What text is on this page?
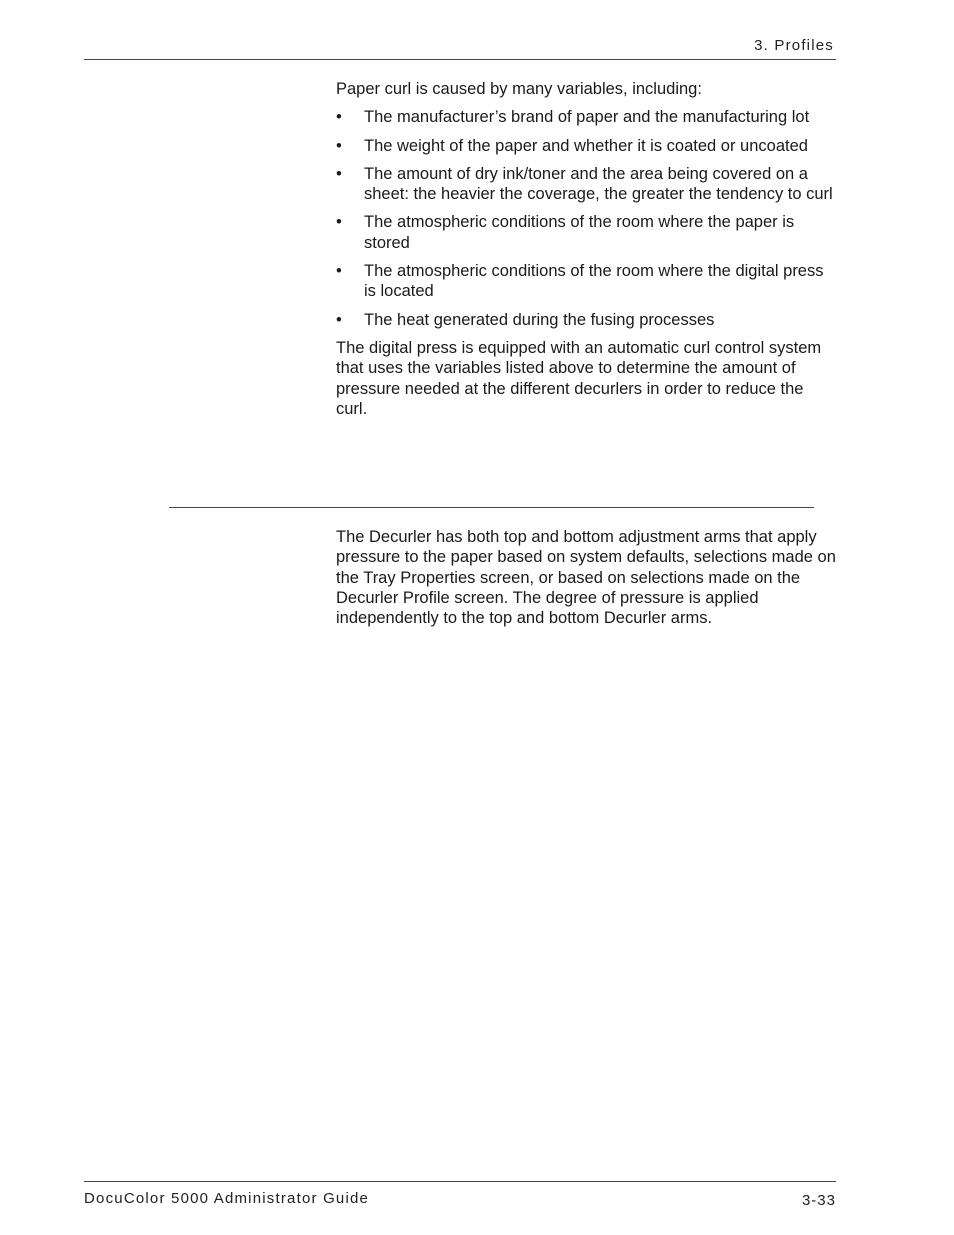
3. Profiles

Paper curl is caused by many variables, including:

• The manufacturer’s brand of paper and the manufacturing lot
• The weight of the paper and whether it is coated or uncoated
• The amount of dry ink/toner and the area being covered on a sheet: the heavier the coverage, the greater the tendency to curl
• The atmospheric conditions of the room where the paper is stored
• The atmospheric conditions of the room where the digital press is located
• The heat generated during the fusing processes

The digital press is equipped with an automatic curl control system that uses the variables listed above to determine the amount of pressure needed at the different decurlers in order to reduce the curl.

The Decurler has both top and bottom adjustment arms that apply pressure to the paper based on system defaults, selections made on the Tray Properties screen, or based on selections made on the Decurler Profile screen. The degree of pressure is applied independently to the top and bottom Decurler arms.

DocuColor 5000 Administrator Guide	3-33
